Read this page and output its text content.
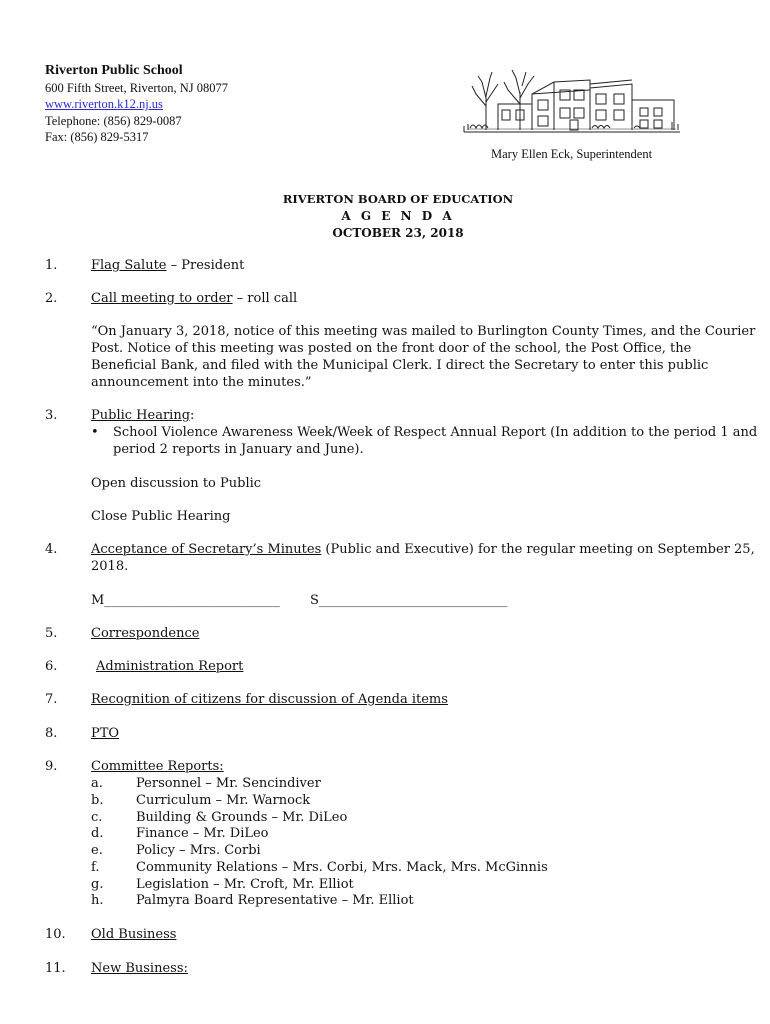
Riverton Public School
600 Fifth Street, Riverton, NJ 08077
www.riverton.k12.nj.us
Telephone: (856) 829-0087
Fax: (856) 829-5317
Mary Ellen Eck, Superintendent
RIVERTON BOARD OF EDUCATION
A G E N D A
OCTOBER 23, 2018
1.	Flag Salute – President
2.	Call meeting to order – roll call
“On January 3, 2018, notice of this meeting was mailed to Burlington County Times, and the Courier Post. Notice of this meeting was posted on the front door of the school, the Post Office, the Beneficial Bank, and filed with the Municipal Clerk. I direct the Secretary to enter this public announcement into the minutes.”
3.	Public Hearing:
• School Violence Awareness Week/Week of Respect Annual Report (In addition to the period 1 and period 2 reports in January and June).
Open discussion to Public
Close Public Hearing
4.	Acceptance of Secretary’s Minutes (Public and Executive) for the regular meeting on September 25, 2018.
M___________________________ S_____________________________
5.	Correspondence
6.	Administration Report
7.	Recognition of citizens for discussion of Agenda items
8.	PTO
9.	Committee Reports:
a.	Personnel – Mr. Sencindiver
b.	Curriculum – Mr. Warnock
c.	Building & Grounds – Mr. DiLeo
d.	Finance – Mr. DiLeo
e.	Policy – Mrs. Corbi
f.	Community Relations – Mrs. Corbi, Mrs. Mack, Mrs. McGinnis
g.	Legislation – Mr. Croft, Mr. Elliot
h. Palmyra Board Representative – Mr. Elliot
10. Old Business
11. New Business:
